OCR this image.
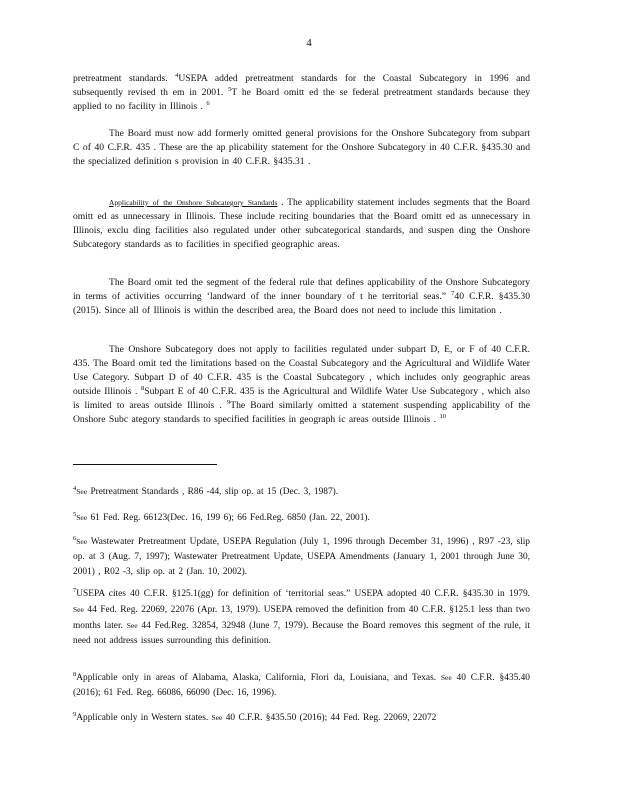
4
pretreatment standards. $^4$USEPA added pretreatment standards for the Coastal Subcategory in 1996 and subsequently revised th em in 2001. $^5$T he Board omitt ed the se federal pretreatment standards because they applied to no facility in Illinois . $^6$
The Board must now add formerly omitted general provisions for the Onshore Subcategory from subpart C of 40 C.F.R. 435 . These are the ap plicability statement for the Onshore Subcategory in 40 C.F.R. §435.30 and the specialized definition s provision in 40 C.F.R. §435.31 .
Applicability of the Onshore Subcategory Standards . The applicability statement includes segments that the Board omitt ed as unnecessary in Illinois. These include reciting boundaries that the Board omitt ed as unnecessary in Illinois, exclu ding facilities also regulated under other subcategorical standards, and suspen ding the Onshore Subcategory standards as to facilities in specified geographic areas.
The Board omit ted the segment of the federal rule that defines applicability of the Onshore Subcategory in terms of activities occurring ‘landward of the inner boundary of t he territorial seas.” $^7$40 C.F.R. §435.30 (2015). Since all of Illinois is within the described area, the Board does not need to include this limitation .
The Onshore Subcategory does not apply to facilities regulated under subpart D, E, or F of 40 C.F.R. 435. The Board omit ted the limitations based on the Coastal Subcategory and the Agricultural and Wildlife Water Use Category. Subpart D of 40 C.F.R. 435 is the Coastal Subcategory , which includes only geographic areas outside Illinois . $^8$Subpart E of 40 C.F.R. 435 is the Agricultural and Wildlife Water Use Subcategory , which also is limited to areas outside Illinois . $^9$The Board similarly omitted a statement suspending applicability of the Onshore Subc ategory standards to specified facilities in geograph ic areas outside Illinois . $^{10}$
$^4$See Pretreatment Standards , R86 -44, slip op. at 15 (Dec. 3, 1987).
$^5$See 61 Fed. Reg. 66123(Dec. 16, 199 6); 66 Fed.Reg. 6850 (Jan. 22, 2001).
$^6$See Wastewater Pretreatment Update, USEPA Regulation (July 1, 1996 through December 31, 1996) , R97 -23, slip op. at 3 (Aug. 7, 1997); Wastewater Pretreatment Update, USEPA Amendments (January 1, 2001 through June 30, 2001) , R02 -3, slip op. at 2 (Jan. 10, 2002).
$^7$USEPA cites 40 C.F.R. §125.1(gg) for definition of ‘territorial seas.” USEPA adopted 40 C.F.R. §435.30 in 1979. See 44 Fed. Reg. 22069, 22076 (Apr. 13, 1979). USEPA removed the definition from 40 C.F.R. §125.1 less than two months later. See 44 Fed.Reg. 32854, 32948 (June 7, 1979). Because the Board removes this segment of the rule, it need not address issues surrounding this definition.
$^8$Applicable only in areas of Alabama, Alaska, California, Flori da, Louisiana, and Texas. See 40 C.F.R. §435.40 (2016); 61 Fed. Reg. 66086, 66090 (Dec. 16, 1996).
$^9$Applicable only in Western states. See 40 C.F.R. §435.50 (2016); 44 Fed. Reg. 22069, 22072
